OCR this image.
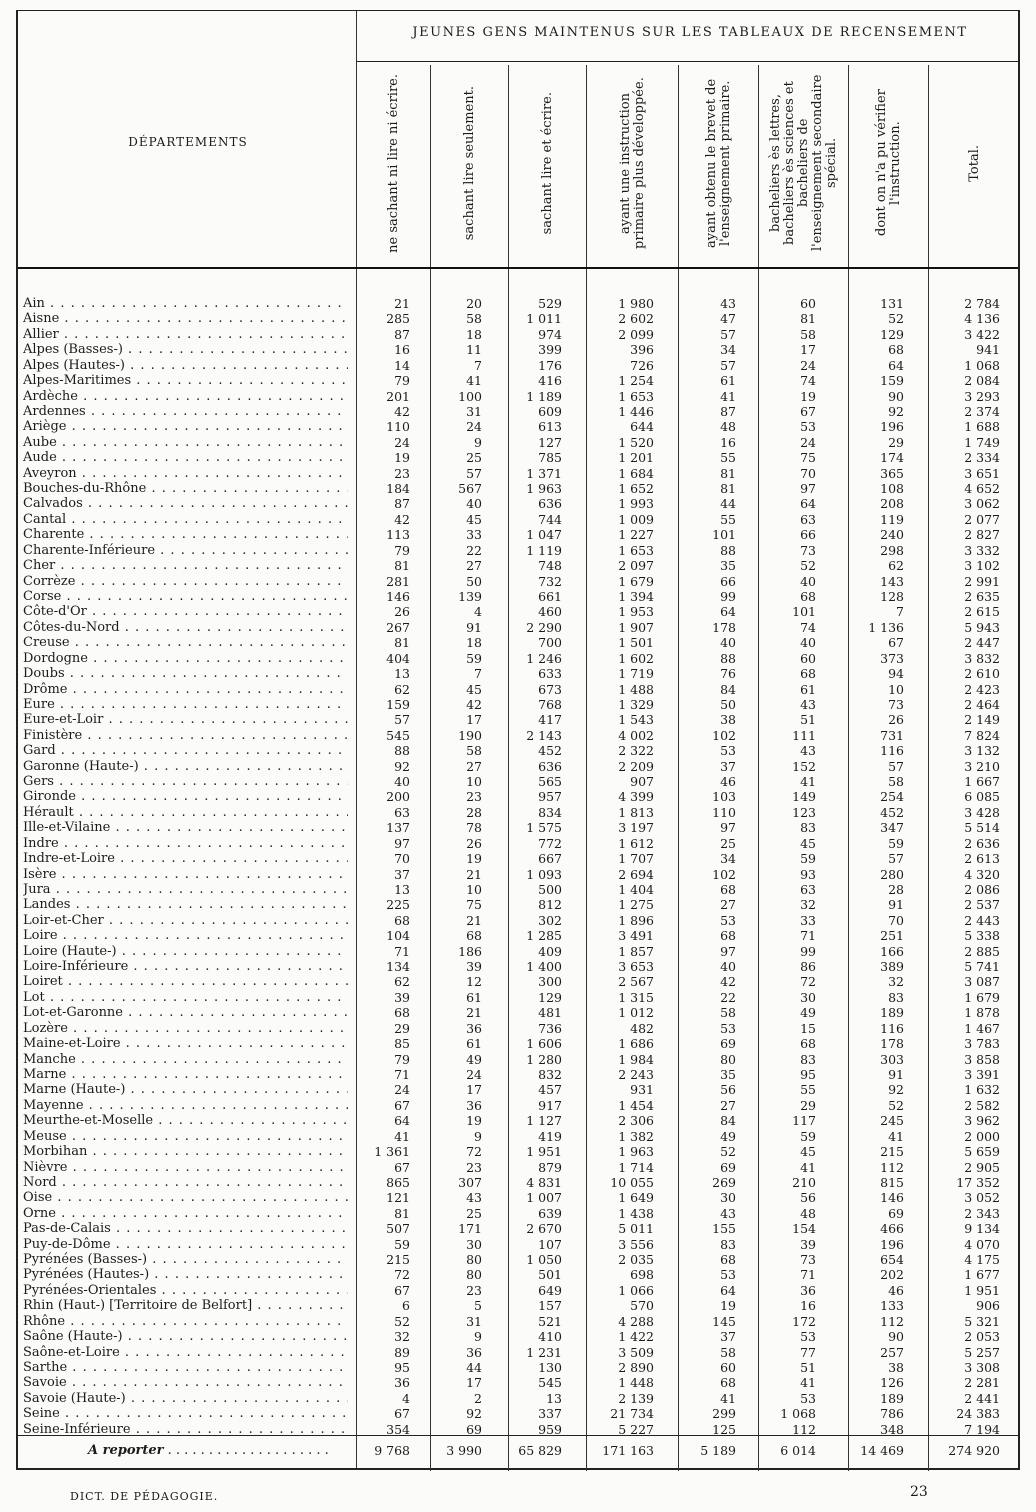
JEUNES GENS MAINTENUS SUR LES TABLEAUX DE RECENSEMENT
DÉPARTEMENTS	ne sachant ni lire ni écrire.	sachant lire seulement.	sachant lire et écrire.	ayant une instruction primaire plus développée.	ayant obtenu le brevet de l'enseignement primaire.	bacheliers ès lettres, bacheliers ès sciences et bacheliers de l'enseignement secondaire spécial.	dont on n'a pu vérifier l'instruction.	Total.
Ain . . .	21	20	529	1 980	43	60	131	2 784
Aisne . . .	285	58	1 011	2 602	47	81	52	4 136
Allier . . .	87	18	974	2 099	57	58	129	3 422
Alpes (Basses-) . . .	16	11	399	396	34	17	68	941
Alpes (Hautes-) . . .	14	7	176	726	57	24	64	1 068
Alpes-Maritimes . . .	79	41	416	1 254	61	74	159	2 084
Ardèche . . .	201	100	1 189	1 653	41	19	90	3 293
Ardennes . . .	42	31	609	1 446	87	67	92	2 374
Ariège . . .	110	24	613	644	48	53	196	1 688
Aube . . .	24	9	127	1 520	16	24	29	1 749
Aude . . .	19	25	785	1 201	55	75	174	2 334
Aveyron . . .	23	57	1 371	1 684	81	70	365	3 651
Bouches-du-Rhône . . .	184	567	1 963	1 652	81	97	108	4 652
Calvados . . .	87	40	636	1 993	44	64	208	3 062
Cantal . . .	42	45	744	1 009	55	63	119	2 077
Charente . . .	113	33	1 047	1 227	101	66	240	2 827
Charente-Inférieure . . .	79	22	1 119	1 653	88	73	298	3 332
Cher . . .	81	27	748	2 097	35	52	62	3 102
Corrèze . . .	281	50	732	1 679	66	40	143	2 991
Corse . . .	146	139	661	1 394	99	68	128	2 635
Côte-d'Or . . .	26	4	460	1 953	64	101	7	2 615
Côtes-du-Nord . . .	267	91	2 290	1 907	178	74	1 136	5 943
Creuse . . .	81	18	700	1 501	40	40	67	2 447
Dordogne . . .	404	59	1 246	1 602	88	60	373	3 832
Doubs . . .	13	7	633	1 719	76	68	94	2 610
Drôme . . .	62	45	673	1 488	84	61	10	2 423
Eure . . .	159	42	768	1 329	50	43	73	2 464
Eure-et-Loir . . .	57	17	417	1 543	38	51	26	2 149
Finistère . . .	545	190	2 143	4 002	102	111	731	7 824
Gard . . .	88	58	452	2 322	53	43	116	3 132
Garonne (Haute-) . . .	92	27	636	2 209	37	152	57	3 210
Gers . . .	40	10	565	907	46	41	58	1 667
Gironde . . .	200	23	957	4 399	103	149	254	6 085
Hérault . . .	63	28	834	1 813	110	123	452	3 428
Ille-et-Vilaine . . .	137	78	1 575	3 197	97	83	347	5 514
Indre . . .	97	26	772	1 612	25	45	59	2 636
Indre-et-Loire . . .	70	19	667	1 707	34	59	57	2 613
Isère . . .	37	21	1 093	2 694	102	93	280	4 320
Jura . . .	13	10	500	1 404	68	63	28	2 086
Landes . . .	225	75	812	1 275	27	32	91	2 537
Loir-et-Cher . . .	68	21	302	1 896	53	33	70	2 443
Loire . . .	104	68	1 285	3 491	68	71	251	5 338
Loire (Haute-) . . .	71	186	409	1 857	97	99	166	2 885
Loire-Inférieure . . .	134	39	1 400	3 653	40	86	389	5 741
Loiret . . .	62	12	300	2 567	42	72	32	3 087
Lot . . .	39	61	129	1 315	22	30	83	1 679
Lot-et-Garonne . . .	68	21	481	1 012	58	49	189	1 878
Lozère . . .	29	36	736	482	53	15	116	1 467
Maine-et-Loire . . .	85	61	1 606	1 686	69	68	178	3 783
Manche . . .	79	49	1 280	1 984	80	83	303	3 858
Marne . . .	71	24	832	2 243	35	95	91	3 391
Marne (Haute-) . . .	24	17	457	931	56	55	92	1 632
Mayenne . . .	67	36	917	1 454	27	29	52	2 582
Meurthe-et-Moselle . . .	64	19	1 127	2 306	84	117	245	3 962
Meuse . . .	41	9	419	1 382	49	59	41	2 000
Morbihan . . .	1 361	72	1 951	1 963	52	45	215	5 659
Nièvre . . .	67	23	879	1 714	69	41	112	2 905
Nord . . .	865	307	4 831	10 055	269	210	815	17 352
Oise . . .	121	43	1 007	1 649	30	56	146	3 052
Orne . . .	81	25	639	1 438	43	48	69	2 343
Pas-de-Calais . . .	507	171	2 670	5 011	155	154	466	9 134
Puy-de-Dôme . . .	59	30	107	3 556	83	39	196	4 070
Pyrénées (Basses-) . . .	215	80	1 050	2 035	68	73	654	4 175
Pyrénées (Hautes-) . . .	72	80	501	698	53	71	202	1 677
Pyrénées-Orientales . . .	67	23	649	1 066	64	36	46	1 951
Rhin (Haut-) [Territoire de Belfort] . . .	6	5	157	570	19	16	133	906
Rhône . . .	52	31	521	4 288	145	172	112	5 321
Saône (Haute-) . . .	32	9	410	1 422	37	53	90	2 053
Saône-et-Loire . . .	89	36	1 231	3 509	58	77	257	5 257
Sarthe . . .	95	44	130	2 890	60	51	38	3 308
Savoie . . .	36	17	545	1 448	68	41	126	2 281
Savoie (Haute-) . . .	4	2	13	2 139	41	53	189	2 441
Seine . . .	67	92	337	21 734	299	1 068	786	24 383
Seine-Inférieure . . .	354	69	959	5 227	125	112	348	7 194
A reporter . . .	9 768	3 990	65 829	171 163	5 189	6 014	14 469	274 920
DICT. DE PÉDAGOGIE.	23
